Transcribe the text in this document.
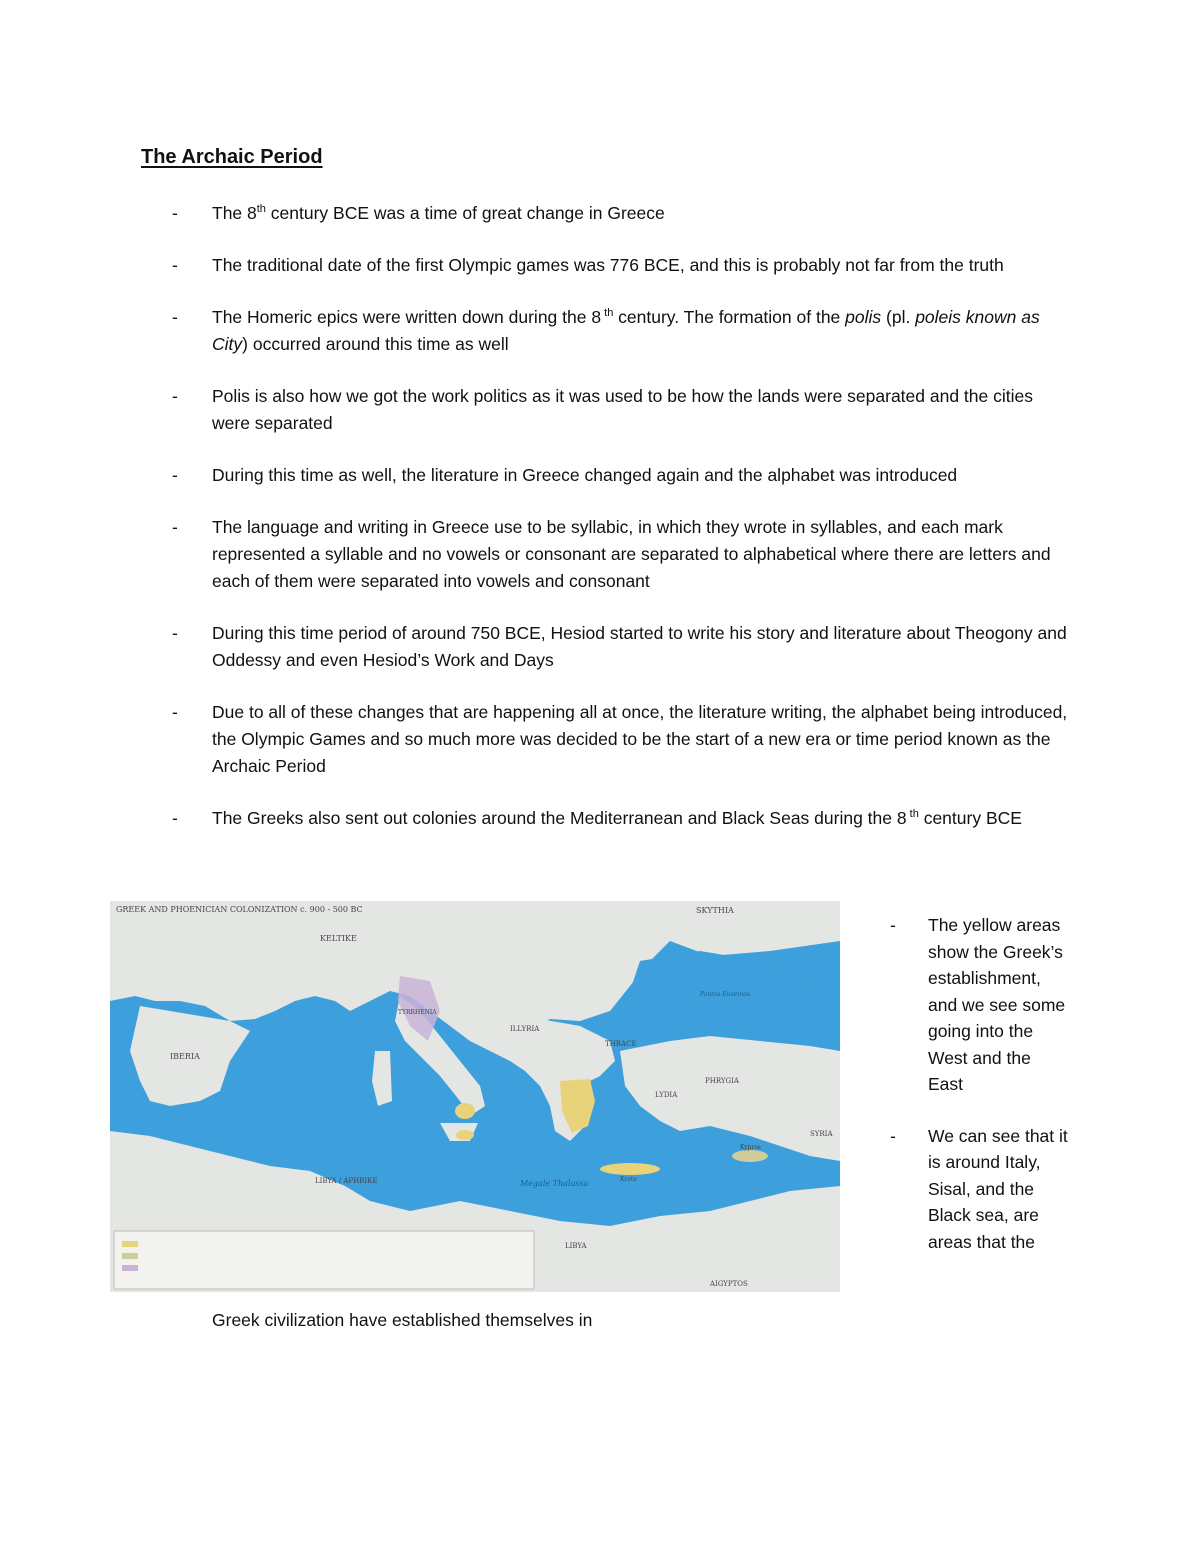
The Archaic Period
- The 8th century BCE was a time of great change in Greece
- The traditional date of the first Olympic games was 776 BCE, and this is probably not far from the truth
- The Homeric epics were written down during the 8 $^{th}$ century. The formation of the polis (pl. poleis known as City) occurred around this time as well
- Polis is also how we got the work politics as it was used to be how the lands were separated and the cities were separated
- During this time as well, the literature in Greece changed again and the alphabet was introduced
- The language and writing in Greece use to be syllabic, in which they wrote in syllables, and each mark represented a syllable and no vowels or consonant are separated to alphabetical where there are letters and each of them were separated into vowels and consonant
- During this time period of around 750 BCE, Hesiod started to write his story and literature about Theogony and Oddessy and even Hesiod’s Work and Days
- Due to all of these changes that are happening all at once, the literature writing, the alphabet being introduced, the Olympic Games and so much more was decided to be the start of a new era or time period known as the Archaic Period
- The Greeks also sent out colonies around the Mediterranean and Black Seas during the 8 $^{th}$ century BCE
GREEK AND PHOENICIAN COLONIZATION c. 900 - 500 BC	SKYTHIA
KELTIKE
IBERIA
ILLYRIA
THRACE
TYRRHENIA
PHRYGIA
LYDIA
LIBYA / APHRIKE
LIBYA
AIGYPTOS
SYRIA
Megale Thalassa
Pontos Euxeinos
Krete
Kypros
- The yellow areas show the Greek’s establishment, and we see some going into the West and the East
- We can see that it is around Italy, Sisal, and the Black sea, are areas that the
Greek civilization have established themselves in
